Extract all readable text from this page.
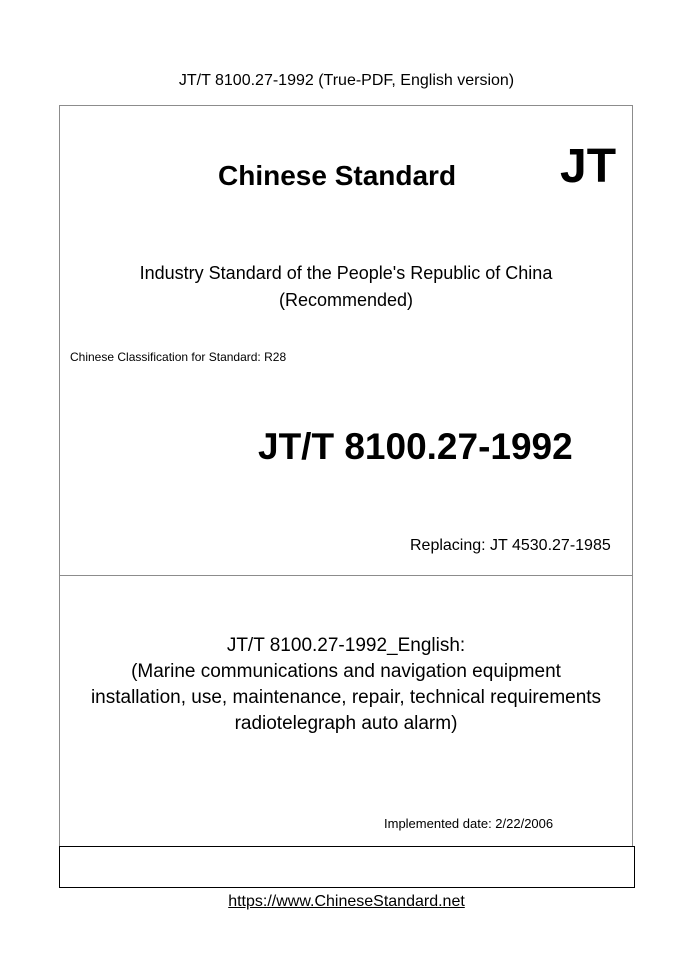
JT/T 8100.27-1992 (True-PDF, English version)
Chinese Standard JT
Industry Standard of the People's Republic of China
(Recommended)
Chinese Classification for Standard: R28
JT/T 8100.27-1992
Replacing: JT 4530.27-1985
JT/T 8100.27-1992_English:
(Marine communications and navigation equipment
installation, use, maintenance, repair, technical requirements
radiotelegraph auto alarm)
Implemented date: 2/22/2006
https://www.ChineseStandard.net
